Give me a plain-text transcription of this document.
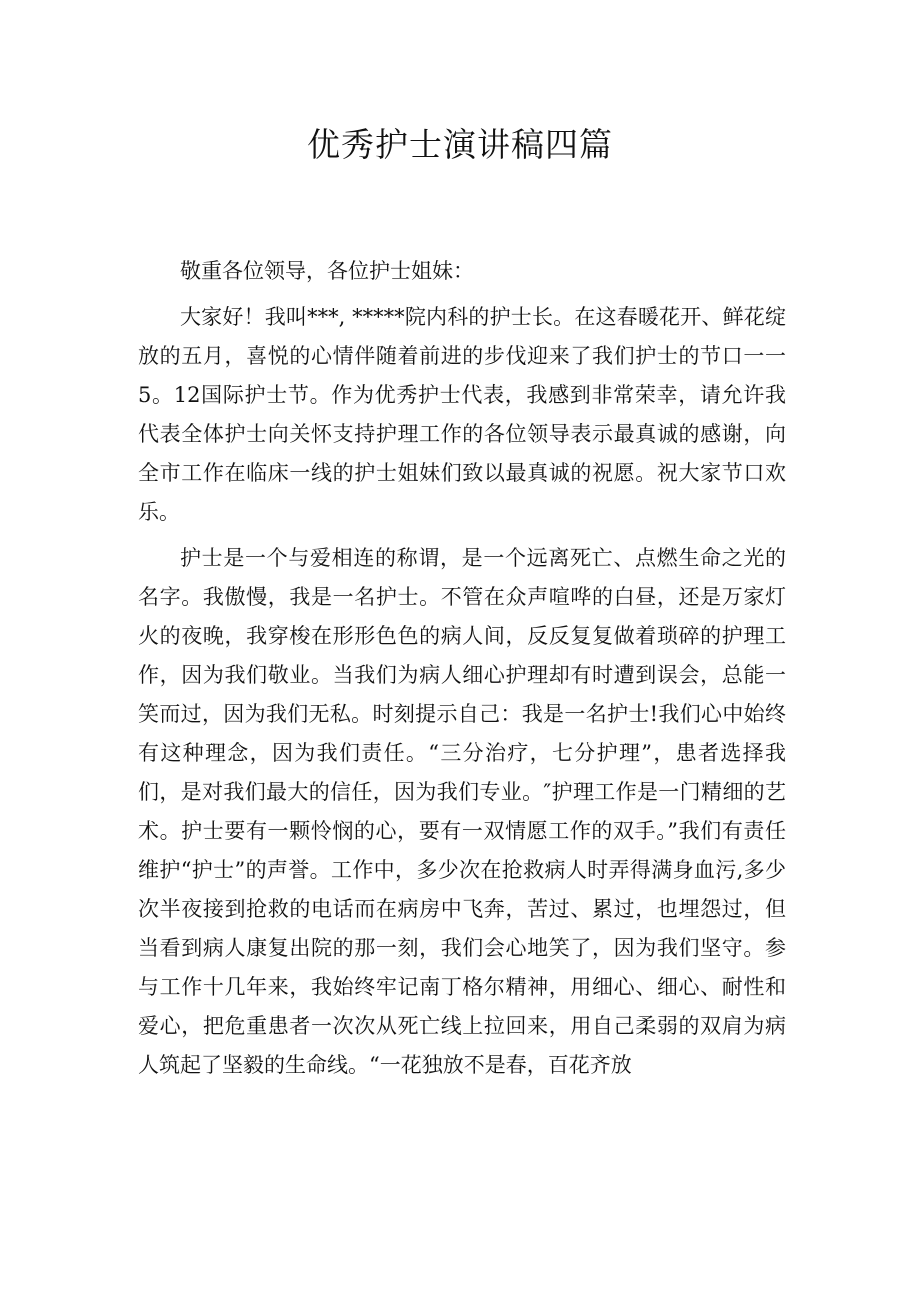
优秀护士演讲稿四篇

敬重各位领导，各位护士姐妹：

大家好！我叫***, *****院内科的护士长。在这春暖花开、鲜花绽放的五月，喜悦的心情伴随着前进的步伐迎来了我们护士的节口一一5。12国际护士节。作为优秀护士代表，我感到非常荣幸，请允许我代表全体护士向关怀支持护理工作的各位领导表示最真诚的感谢，向全市工作在临床一线的护士姐妹们致以最真诚的祝愿。祝大家节口欢乐。

护士是一个与爱相连的称谓，是一个远离死亡、点燃生命之光的名字。我傲慢，我是一名护士。不管在众声喧哗的白昼，还是万家灯火的夜晚，我穿梭在形形色色的病人间，反反复复做着琐碎的护理工作，因为我们敬业。当我们为病人细心护理却有时遭到误会，总能一笑而过，因为我们无私。时刻提示自己：我是一名护士!我们心中始终有这种理念，因为我们责任。“三分治疗，七分护理”，患者选择我们，是对我们最大的信任，因为我们专业。″护理工作是一门精细的艺术。护士要有一颗怜悯的心，要有一双情愿工作的双手。”我们有责任维护“护士”的声誉。工作中，多少次在抢救病人时弄得满身血污,多少次半夜接到抢救的电话而在病房中飞奔，苦过、累过，也埋怨过，但当看到病人康复出院的那一刻，我们会心地笑了，因为我们坚守。参与工作十几年来，我始终牢记南丁格尔精神，用细心、细心、耐性和爱心，把危重患者一次次从死亡线上拉回来，用自己柔弱的双肩为病人筑起了坚毅的生命线。“一花独放不是春，百花齐放
